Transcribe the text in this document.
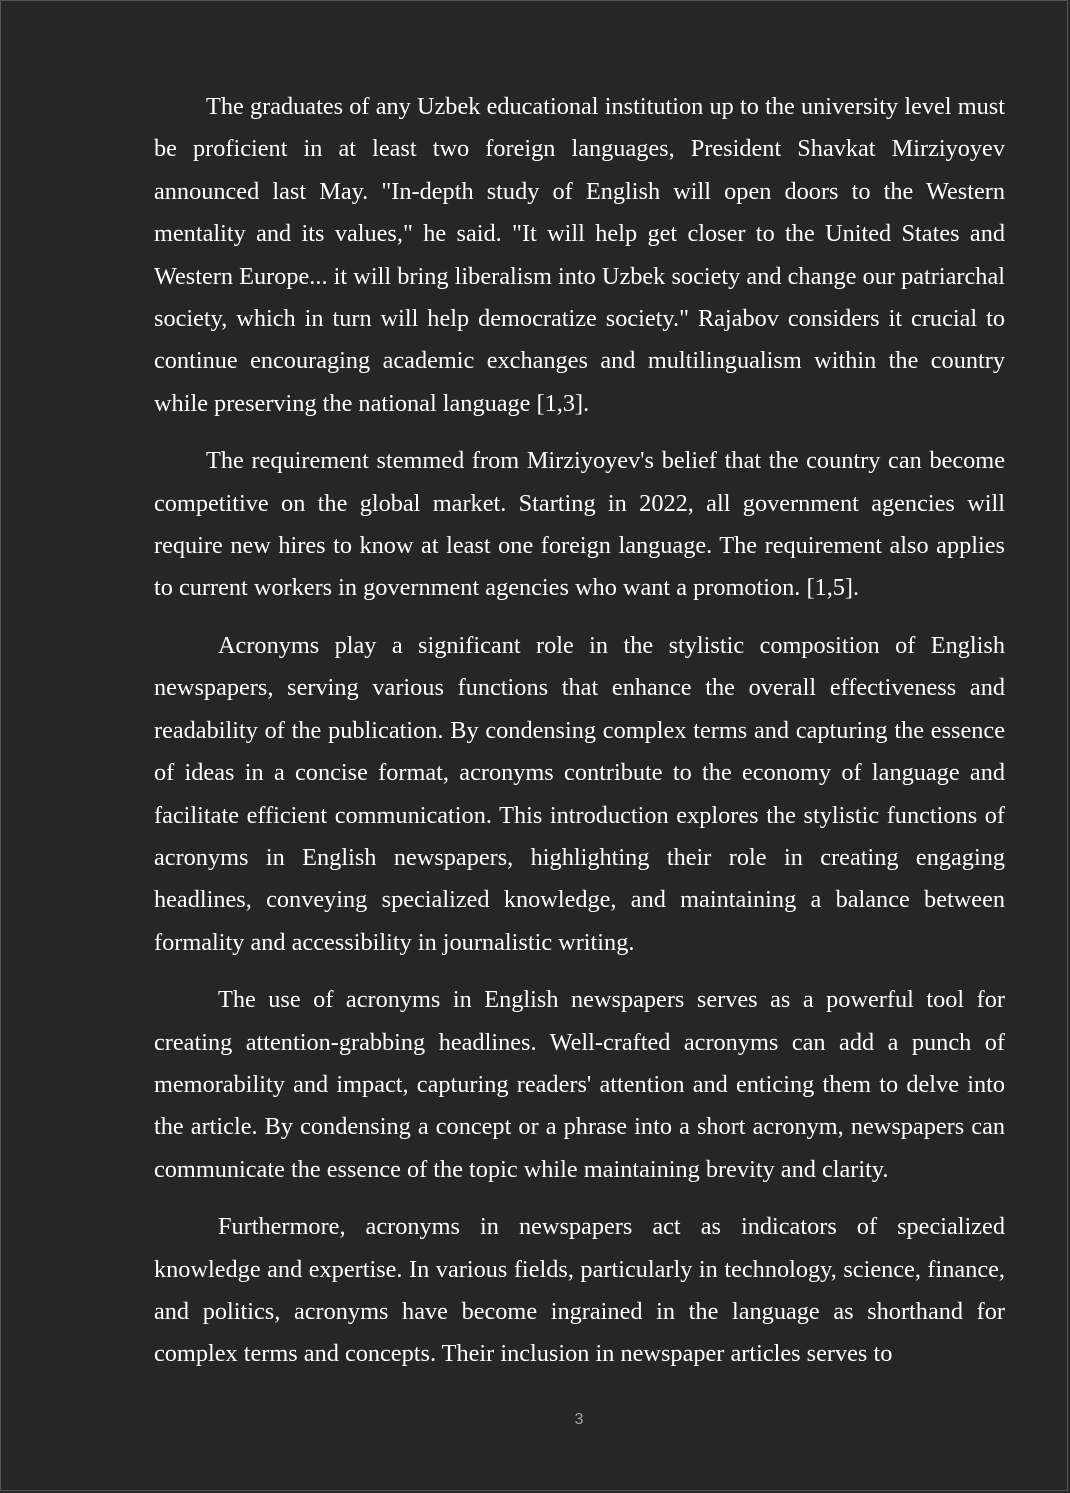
The graduates of any Uzbek educational institution up to the university level must be proficient in at least two foreign languages, President Shavkat Mirziyoyev announced last May. "In-depth study of English will open doors to the Western mentality and its values," he said. "It will help get closer to the United States and Western Europe... it will bring liberalism into Uzbek society and change our patriarchal society, which in turn will help democratize society." Rajabov considers it crucial to continue encouraging academic exchanges and multilingualism within the country while preserving the national language [1,3].

The requirement stemmed from Mirziyoyev's belief that the country can become competitive on the global market. Starting in 2022, all government agencies will require new hires to know at least one foreign language. The requirement also applies to current workers in government agencies who want a promotion. [1,5].

Acronyms play a significant role in the stylistic composition of English newspapers, serving various functions that enhance the overall effectiveness and readability of the publication. By condensing complex terms and capturing the essence of ideas in a concise format, acronyms contribute to the economy of language and facilitate efficient communication. This introduction explores the stylistic functions of acronyms in English newspapers, highlighting their role in creating engaging headlines, conveying specialized knowledge, and maintaining a balance between formality and accessibility in journalistic writing.

The use of acronyms in English newspapers serves as a powerful tool for creating attention-grabbing headlines. Well-crafted acronyms can add a punch of memorability and impact, capturing readers' attention and enticing them to delve into the article. By condensing a concept or a phrase into a short acronym, newspapers can communicate the essence of the topic while maintaining brevity and clarity.

Furthermore, acronyms in newspapers act as indicators of specialized knowledge and expertise. In various fields, particularly in technology, science, finance, and politics, acronyms have become ingrained in the language as shorthand for complex terms and concepts. Their inclusion in newspaper articles serves to

3
